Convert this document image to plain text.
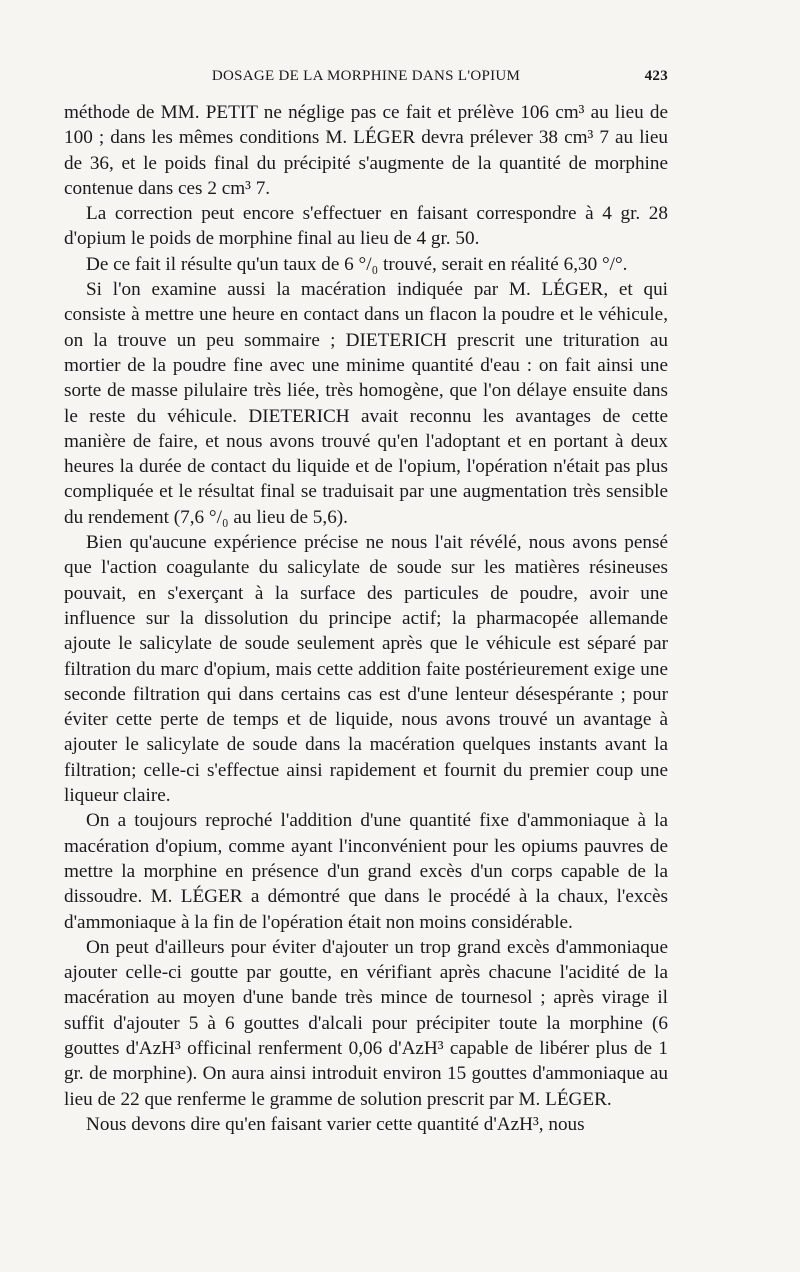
DOSAGE DE LA MORPHINE DANS L'OPIUM	423

méthode de MM. PETIT ne néglige pas ce fait et prélève 106 cm³ au lieu de 100 ; dans les mêmes conditions M. LÉGER devra prélever 38 cm³ 7 au lieu de 36, et le poids final du précipité s'augmente de la quantité de morphine contenue dans ces 2 cm³ 7.

La correction peut encore s'effectuer en faisant correspondre à 4 gr. 28 d'opium le poids de morphine final au lieu de 4 gr. 50.

De ce fait il résulte qu'un taux de 6 °/₀ trouvé, serait en réalité 6,30 °/°.

Si l'on examine aussi la macération indiquée par M. LÉGER, et qui consiste à mettre une heure en contact dans un flacon la poudre et le véhicule, on la trouve un peu sommaire ; DIETERICH prescrit une trituration au mortier de la poudre fine avec une minime quantité d'eau : on fait ainsi une sorte de masse pilulaire très liée, très homogène, que l'on délaye ensuite dans le reste du véhicule. DIETERICH avait reconnu les avantages de cette manière de faire, et nous avons trouvé qu'en l'adoptant et en portant à deux heures la durée de contact du liquide et de l'opium, l'opération n'était pas plus compliquée et le résultat final se traduisait par une augmentation très sensible du rendement (7,6 °/₀ au lieu de 5,6).

Bien qu'aucune expérience précise ne nous l'ait révélé, nous avons pensé que l'action coagulante du salicylate de soude sur les matières résineuses pouvait, en s'exerçant à la surface des particules de poudre, avoir une influence sur la dissolution du principe actif; la pharmacopée allemande ajoute le salicylate de soude seulement après que le véhicule est séparé par filtration du marc d'opium, mais cette addition faite postérieurement exige une seconde filtration qui dans certains cas est d'une lenteur désespérante ; pour éviter cette perte de temps et de liquide, nous avons trouvé un avantage à ajouter le salicylate de soude dans la macération quelques instants avant la filtration; celle-ci s'effectue ainsi rapidement et fournit du premier coup une liqueur claire.

On a toujours reproché l'addition d'une quantité fixe d'ammoniaque à la macération d'opium, comme ayant l'inconvénient pour les opiums pauvres de mettre la morphine en présence d'un grand excès d'un corps capable de la dissoudre. M. LÉGER a démontré que dans le procédé à la chaux, l'excès d'ammoniaque à la fin de l'opération était non moins considérable.

On peut d'ailleurs pour éviter d'ajouter un trop grand excès d'ammoniaque ajouter celle-ci goutte par goutte, en vérifiant après chacune l'acidité de la macération au moyen d'une bande très mince de tournesol ; après virage il suffit d'ajouter 5 à 6 gouttes d'alcali pour précipiter toute la morphine (6 gouttes d'AzH³ officinal renferment 0,06 d'AzH³ capable de libérer plus de 1 gr. de morphine). On aura ainsi introduit environ 15 gouttes d'ammoniaque au lieu de 22 que renferme le gramme de solution prescrit par M. LÉGER.

Nous devons dire qu'en faisant varier cette quantité d'AzH³, nous
